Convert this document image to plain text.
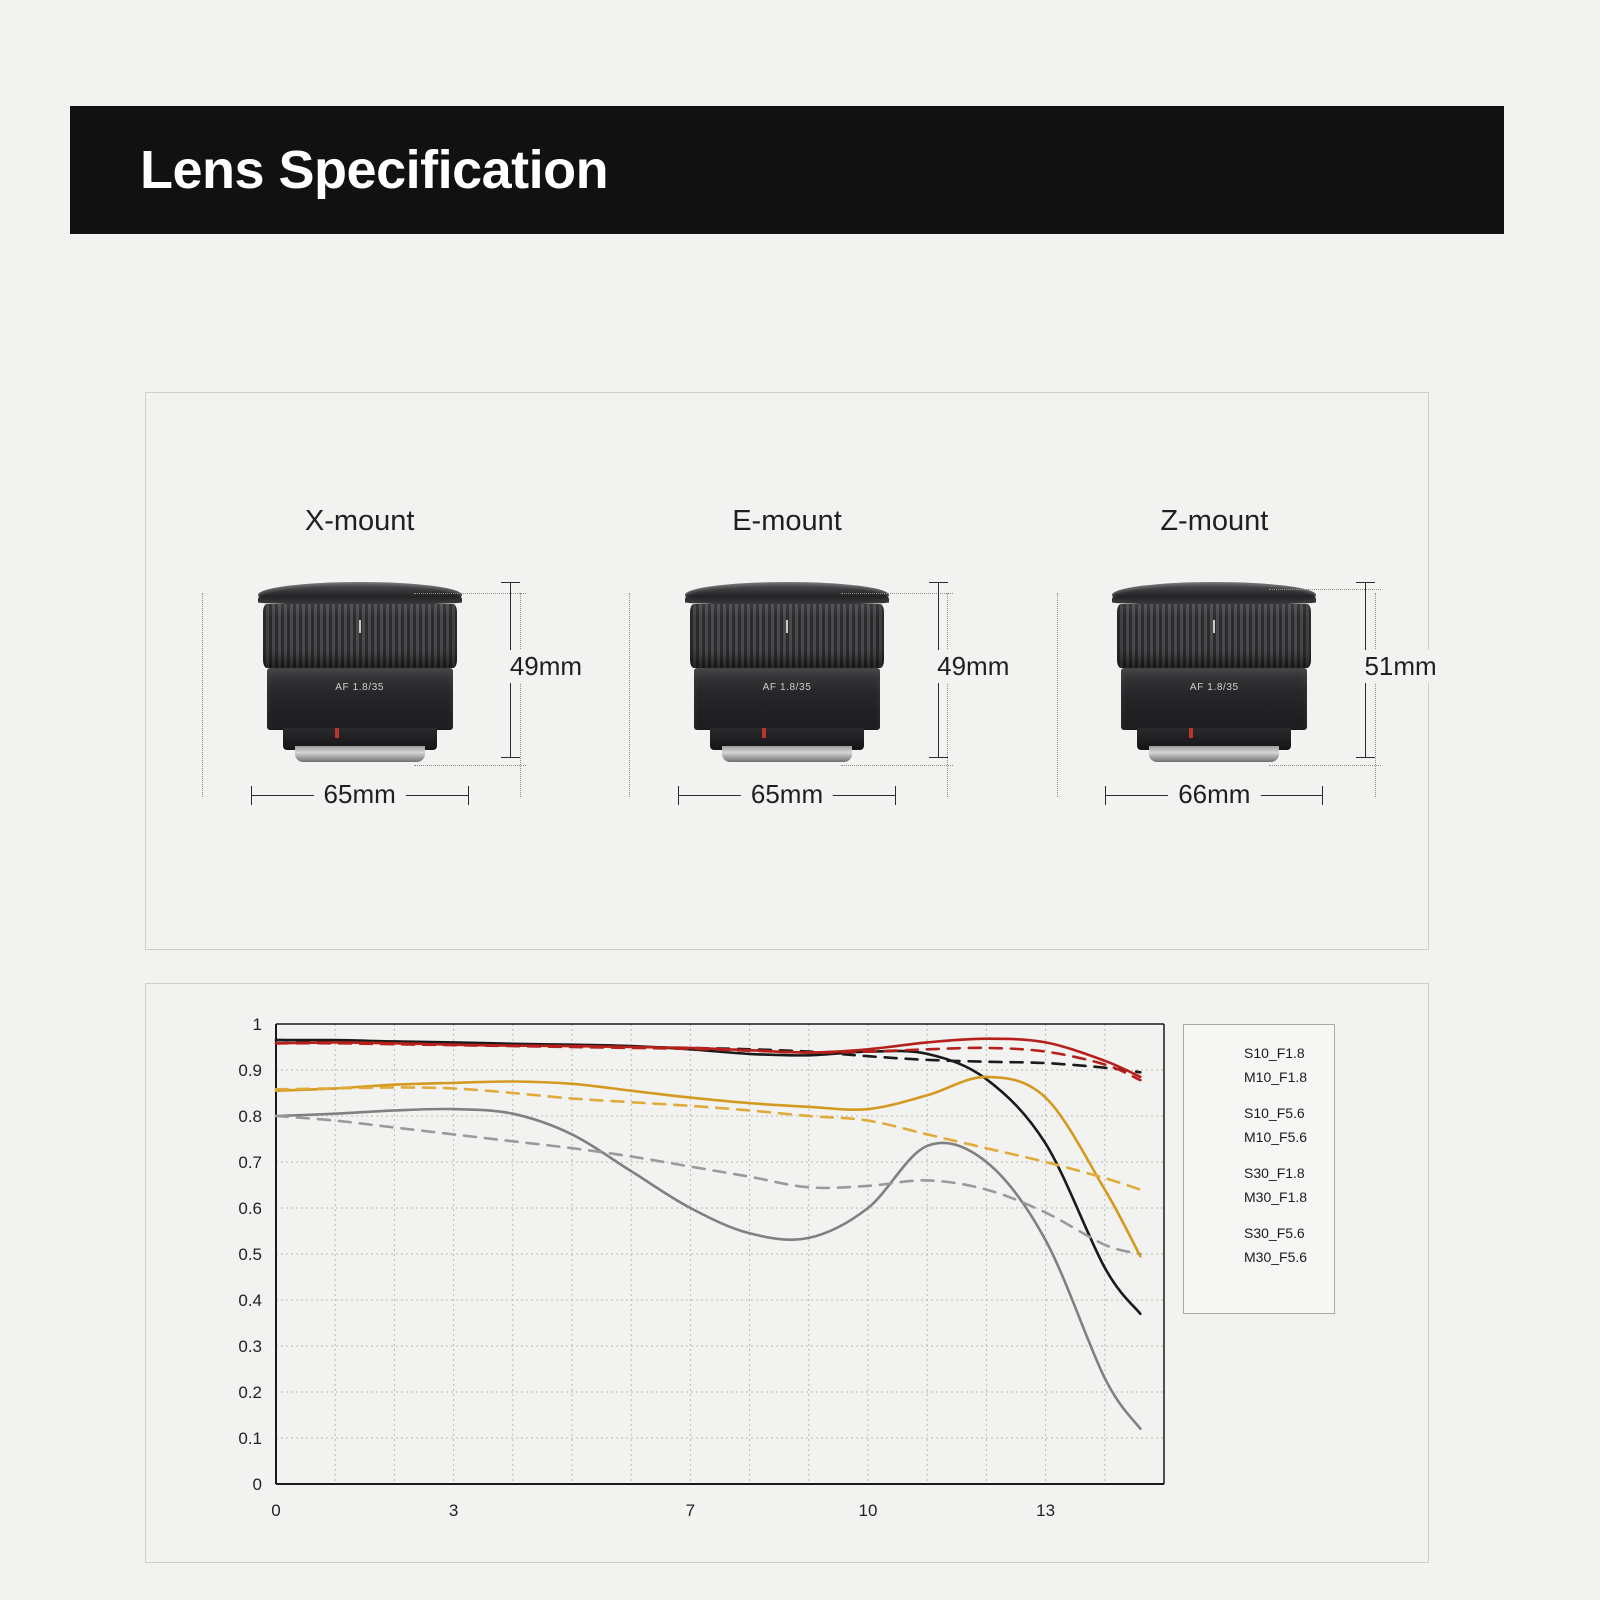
Lens Specification
X-mount
AF 1.8/35
49mm
65mm
E-mount
AF 1.8/35
49mm
65mm
Z-mount
AF 1.8/35
51mm
66mm
0
0.1
0.2
0.3
0.4
0.5
0.6
0.7
0.8
0.9
1
0	3	7	10	13
S10_F1.8
M10_F1.8
S10_F5.6
M10_F5.6
S30_F1.8
M30_F1.8
S30_F5.6
M30_F5.6
